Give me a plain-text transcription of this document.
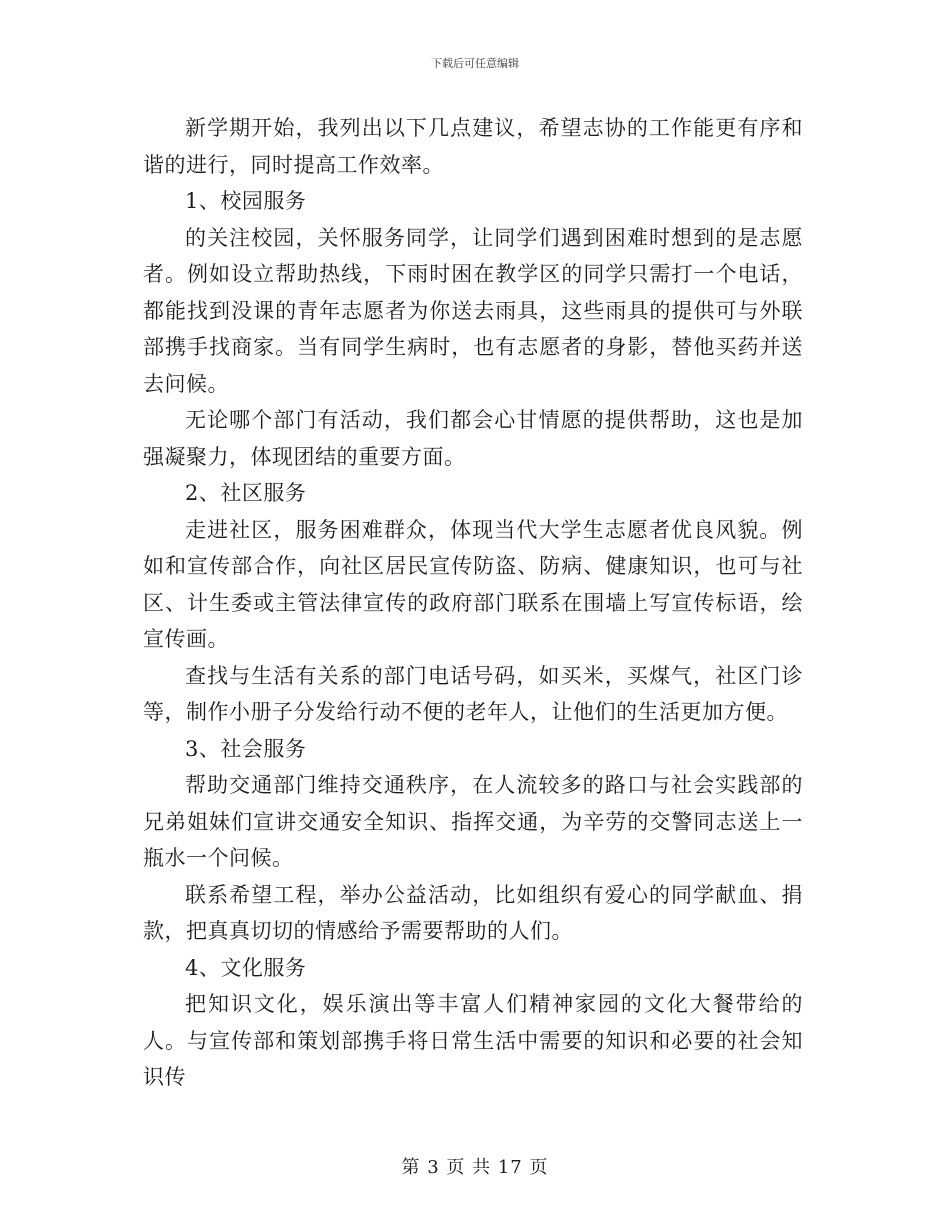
下载后可任意编辑

新学期开始，我列出以下几点建议，希望志协的工作能更有序和谐的进行，同时提高工作效率。

1、校园服务

的关注校园，关怀服务同学，让同学们遇到困难时想到的是志愿者。例如设立帮助热线，下雨时困在教学区的同学只需打一个电话，都能找到没课的青年志愿者为你送去雨具，这些雨具的提供可与外联部携手找商家。当有同学生病时，也有志愿者的身影，替他买药并送去问候。

无论哪个部门有活动，我们都会心甘情愿的提供帮助，这也是加强凝聚力，体现团结的重要方面。

2、社区服务

走进社区，服务困难群众，体现当代大学生志愿者优良风貌。例如和宣传部合作，向社区居民宣传防盗、防病、健康知识，也可与社区、计生委或主管法律宣传的政府部门联系在围墙上写宣传标语，绘宣传画。

查找与生活有关系的部门电话号码，如买米，买煤气，社区门诊等，制作小册子分发给行动不便的老年人，让他们的生活更加方便。

3、社会服务

帮助交通部门维持交通秩序，在人流较多的路口与社会实践部的兄弟姐妹们宣讲交通安全知识、指挥交通，为辛劳的交警同志送上一瓶水一个问候。

联系希望工程，举办公益活动，比如组织有爱心的同学献血、捐款，把真真切切的情感给予需要帮助的人们。

4、文化服务

把知识文化，娱乐演出等丰富人们精神家园的文化大餐带给的人。与宣传部和策划部携手将日常生活中需要的知识和必要的社会知识传

第 3 页 共 17 页
